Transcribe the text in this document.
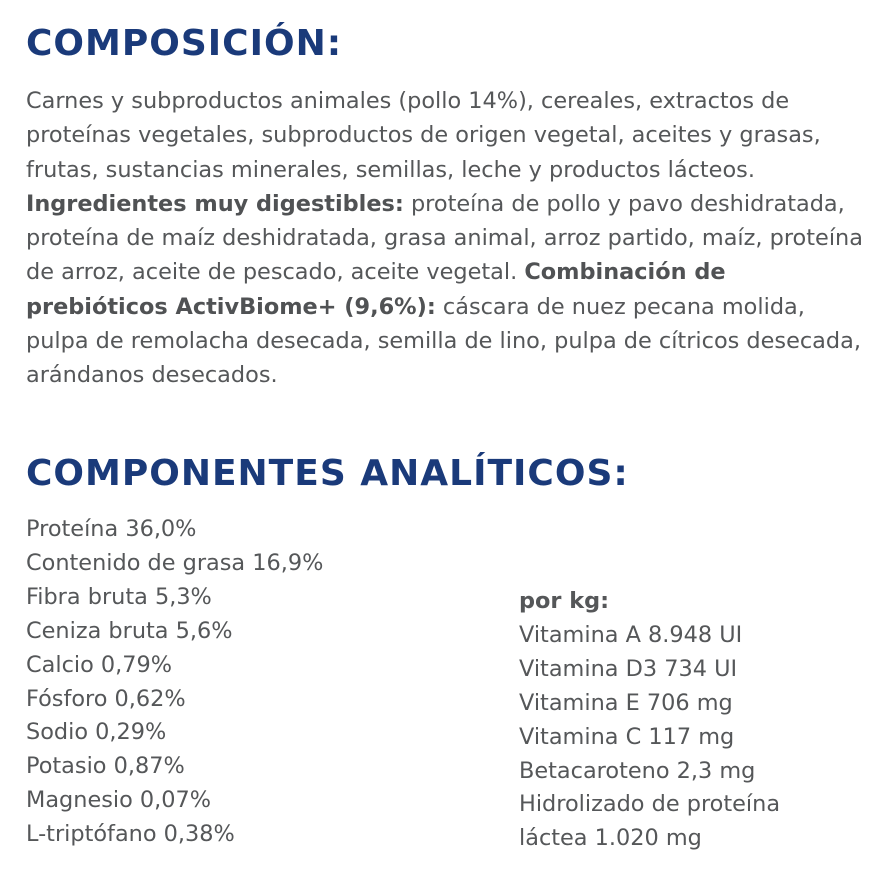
COMPOSICIÓN:

Carnes y subproductos animales (pollo 14%), cereales, extractos de proteínas vegetales, subproductos de origen vegetal, aceites y grasas, frutas, sustancias minerales, semillas, leche y productos lácteos. Ingredientes muy digestibles: proteína de pollo y pavo deshidratada, proteína de maíz deshidratada, grasa animal, arroz partido, maíz, proteína de arroz, aceite de pescado, aceite vegetal. Combinación de prebióticos ActivBiome+ (9,6%): cáscara de nuez pecana molida, pulpa de remolacha desecada, semilla de lino, pulpa de cítricos desecada, arándanos desecados.

COMPONENTES ANALÍTICOS:
Proteína 36,0%
Contenido de grasa 16,9%
Fibra bruta 5,3%
Ceniza bruta 5,6%
Calcio 0,79%
Fósforo 0,62%
Sodio 0,29%
Potasio 0,87%
Magnesio 0,07%
L-triptófano 0,38%
por kg:
Vitamina A 8.948 UI
Vitamina D3 734 UI
Vitamina E 706 mg
Vitamina C 117 mg
Betacaroteno 2,3 mg
Hidrolizado de proteína
láctea 1.020 mg
